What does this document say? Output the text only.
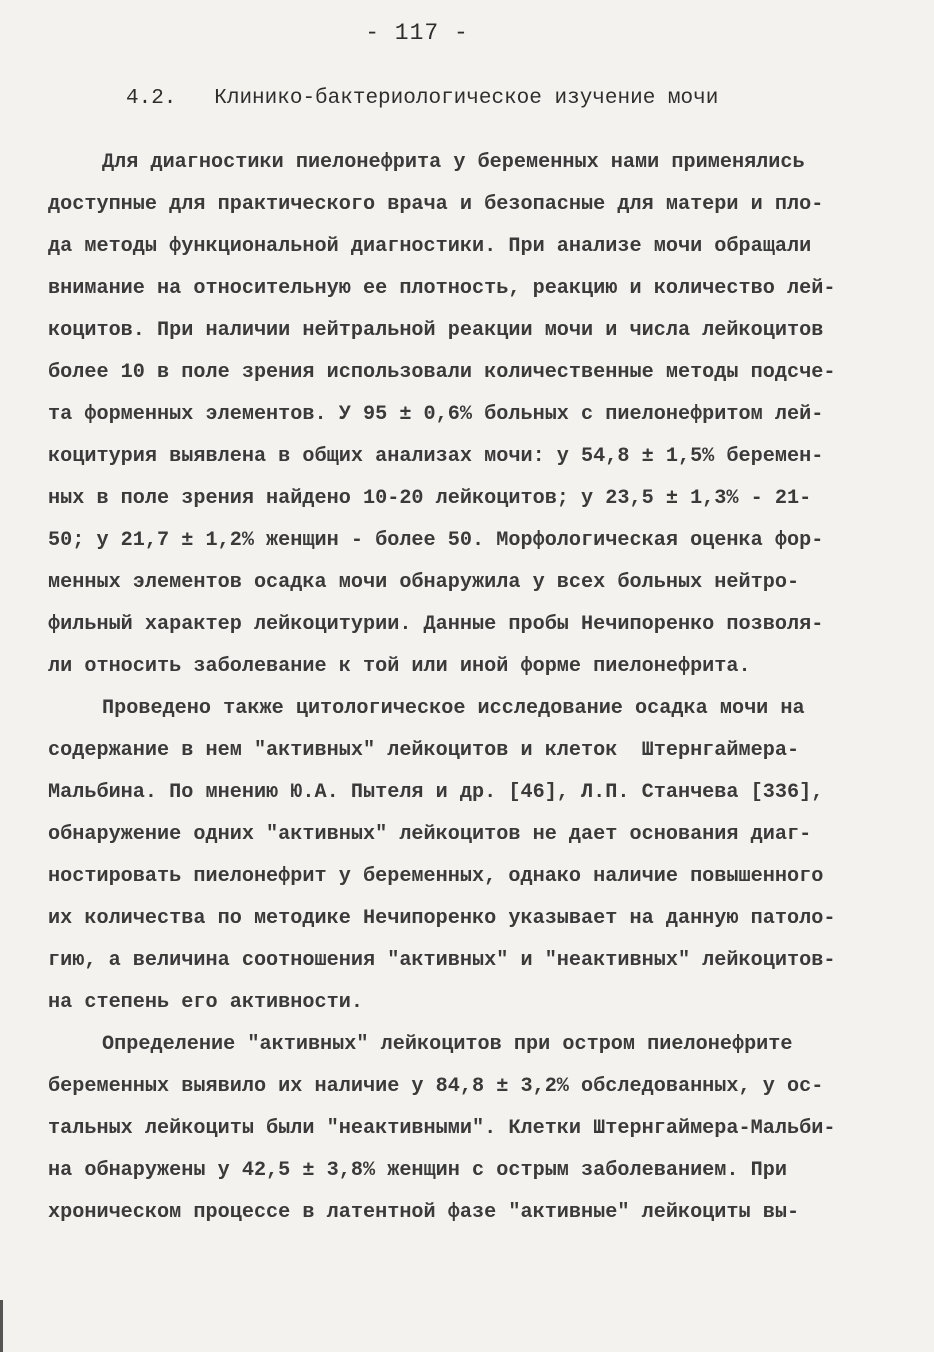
- 117 -
4.2. Клинико-бактериологическое изучение мочи
Для диагностики пиелонефрита у беременных нами применялись
доступные для практического врача и безопасные для матери и пло-
да методы функциональной диагностики. При анализе мочи обращали
внимание на относительную ее плотность, реакцию и количество лей-
коцитов. При наличии нейтральной реакции мочи и числа лейкоцитов
более 10 в поле зрения использовали количественные методы подсче-
та форменных элементов. У 95 ± 0,6% больных с пиелонефритом лей-
коцитурия выявлена в общих анализах мочи: у 54,8 ± 1,5% беремен-
ных в поле зрения найдено 10-20 лейкоцитов; у 23,5 ± 1,3% - 21-
50; у 21,7 ± 1,2% женщин - более 50. Морфологическая оценка фор-
менных элементов осадка мочи обнаружила у всех больных нейтро-
фильный характер лейкоцитурии. Данные пробы Нечипоренко позволя-
ли относить заболевание к той или иной форме пиелонефрита.
Проведено также цитологическое исследование осадка мочи на
содержание в нем "активных" лейкоцитов и клеток  Штернгаймера-
Мальбина. По мнению Ю.А. Пытеля и др. [46], Л.П. Станчева [336],
обнаружение одних "активных" лейкоцитов не дает основания диаг-
ностировать пиелонефрит у беременных, однако наличие повышенного
их количества по методике Нечипоренко указывает на данную патоло-
гию, а величина соотношения "активных" и "неактивных" лейкоцитов-
на степень его активности.
Определение "активных" лейкоцитов при остром пиелонефрите
беременных выявило их наличие у 84,8 ± 3,2% обследованных, у ос-
тальных лейкоциты были "неактивными". Клетки Штернгаймера-Мальби-
на обнаружены у 42,5 ± 3,8% женщин с острым заболеванием. При
хроническом процессе в латентной фазе "активные" лейкоциты вы-
